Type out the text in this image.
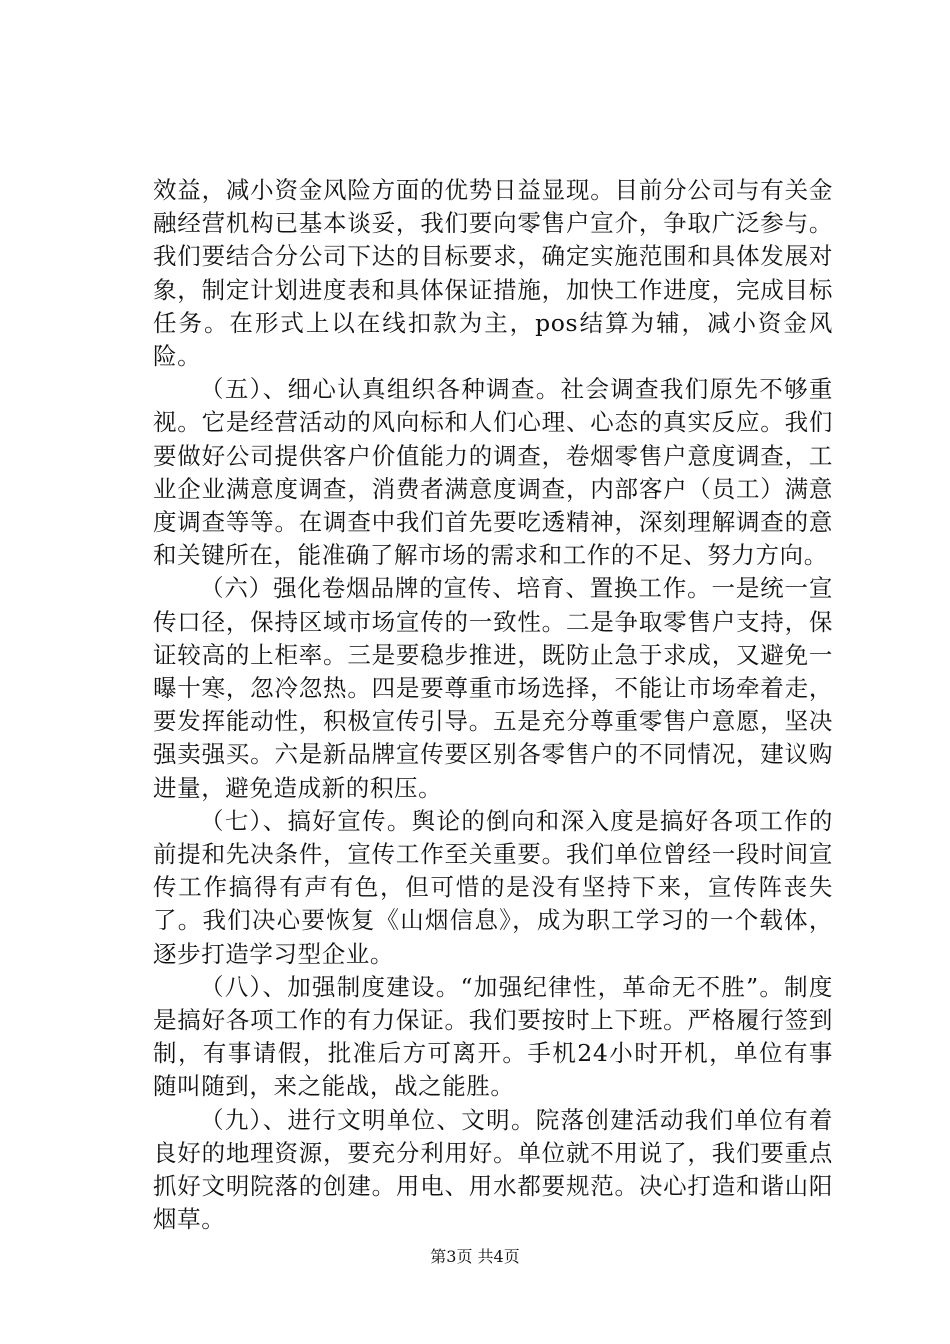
效益，减小资金风险方面的优势日益显现。目前分公司与有关金融经营机构已基本谈妥，我们要向零售户宣介，争取广泛参与。我们要结合分公司下达的目标要求，确定实施范围和具体发展对象，制定计划进度表和具体保证措施，加快工作进度，完成目标任务。在形式上以在线扣款为主，pos结算为辅，减小资金风险。

（五）、细心认真组织各种调查。社会调查我们原先不够重视。它是经营活动的风向标和人们心理、心态的真实反应。我们要做好公司提供客户价值能力的调查，卷烟零售户意度调查，工业企业满意度调查，消费者满意度调查，内部客户（员工）满意度调查等等。在调查中我们首先要吃透精神，深刻理解调查的意和关键所在，能准确了解市场的需求和工作的不足、努力方向。

（六）强化卷烟品牌的宣传、培育、置换工作。一是统一宣传口径，保持区域市场宣传的一致性。二是争取零售户支持，保证较高的上柜率。三是要稳步推进，既防止急于求成，又避免一曝十寒，忽冷忽热。四是要尊重市场选择，不能让市场牵着走，要发挥能动性，积极宣传引导。五是充分尊重零售户意愿，坚决强卖强买。六是新品牌宣传要区别各零售户的不同情况，建议购进量，避免造成新的积压。

（七）、搞好宣传。舆论的倒向和深入度是搞好各项工作的前提和先决条件，宣传工作至关重要。我们单位曾经一段时间宣传工作搞得有声有色，但可惜的是没有坚持下来，宣传阵丧失了。我们决心要恢复《山烟信息》，成为职工学习的一个载体，逐步打造学习型企业。

（八）、加强制度建设。“加强纪律性，革命无不胜”。制度是搞好各项工作的有力保证。我们要按时上下班。严格履行签到制，有事请假，批准后方可离开。手机24小时开机，单位有事随叫随到，来之能战，战之能胜。

（九）、进行文明单位、文明。院落创建活动我们单位有着良好的地理资源，要充分利用好。单位就不用说了，我们要重点抓好文明院落的创建。用电、用水都要规范。决心打造和谐山阳烟草。

第3页 共4页
